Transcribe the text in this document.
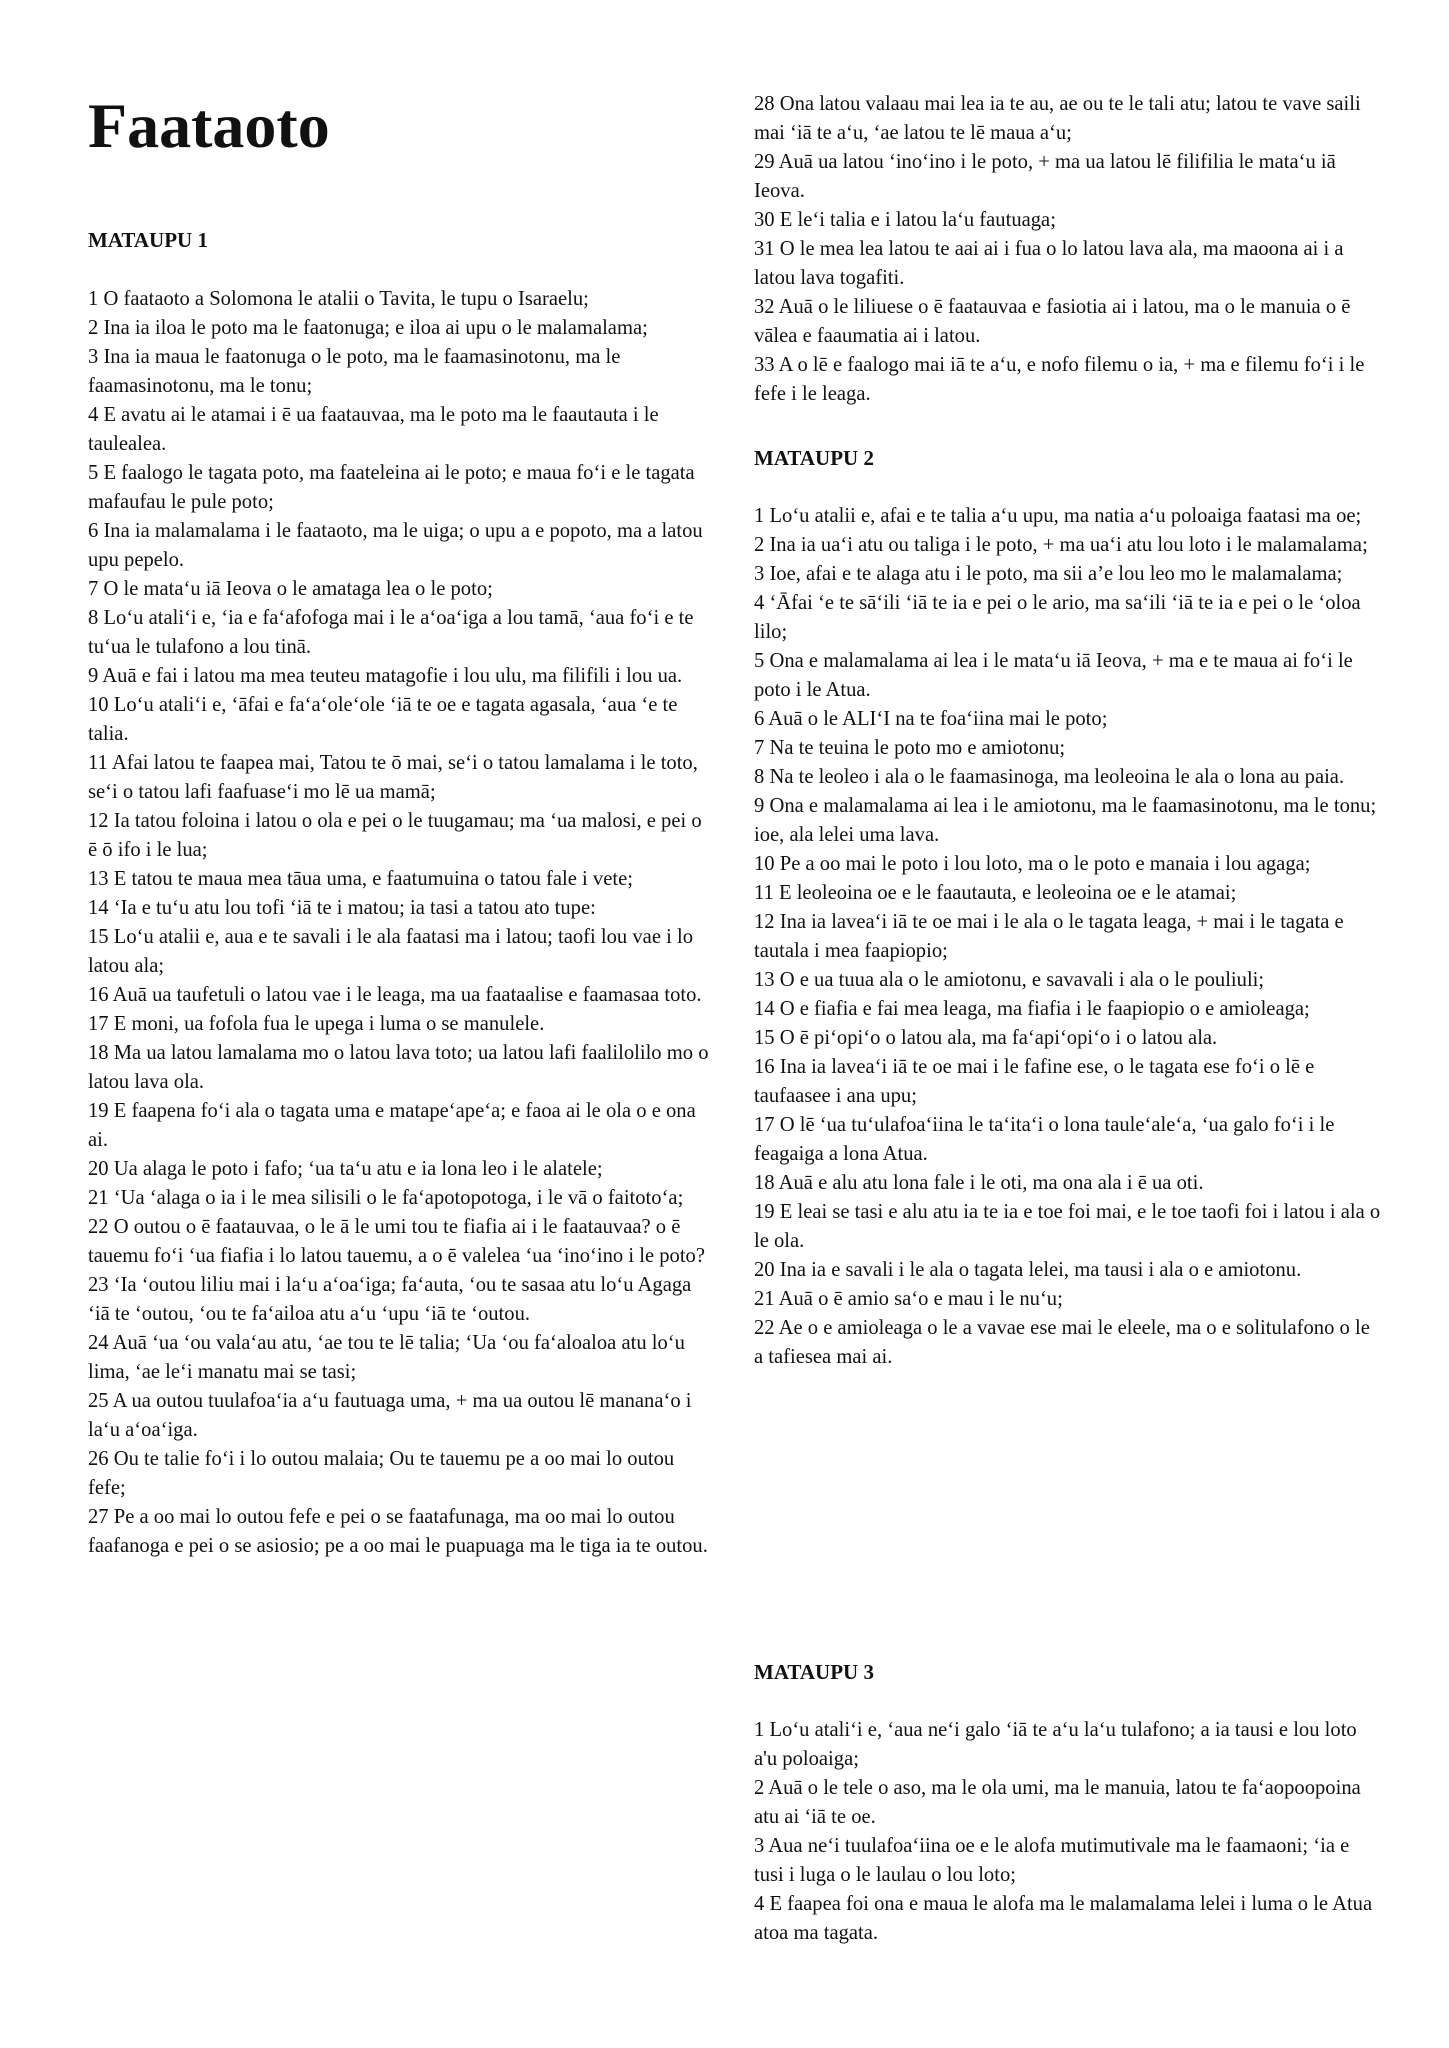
Faataoto

MATAUPU 1

1 O faataoto a Solomona le atalii o Tavita, le tupu o Isaraelu;

2 Ina ia iloa le poto ma le faatonuga; e iloa ai upu o le malamalama;

3 Ina ia maua le faatonuga o le poto, ma le faamasinotonu, ma le faamasinotonu, ma le tonu;

4 E avatu ai le atamai i ē ua faatauvaa, ma le poto ma le faautauta i le taulealea.

5 E faalogo le tagata poto, ma faateleina ai le poto; e maua fo‘i e le tagata mafaufau le pule poto;

6 Ina ia malamalama i le faataoto, ma le uiga; o upu a e popoto, ma a latou upu pepelo.

7 O le mata‘u iā Ieova o le amataga lea o le poto;

8 Lo‘u atali‘i e, ‘ia e fa‘afofoga mai i le a‘oa‘iga a lou tamā, ‘aua fo‘i e te tu‘ua le tulafono a lou tinā.

9 Auā e fai i latou ma mea teuteu matagofie i lou ulu, ma filifili i lou ua.

10 Lo‘u atali‘i e, ‘āfai e fa‘a‘ole‘ole ‘iā te oe e tagata agasala, ‘aua ‘e te talia.

11 Afai latou te faapea mai, Tatou te ō mai, se‘i o tatou lamalama i le toto, se‘i o tatou lafi faafuase‘i mo lē ua mamā;

12 Ia tatou foloina i latou o ola e pei o le tuugamau; ma ‘ua malosi, e pei o ē ō ifo i le lua;

13 E tatou te maua mea tāua uma, e faatumuina o tatou fale i vete;

14 ‘Ia e tu‘u atu lou tofi ‘iā te i matou; ia tasi a tatou ato tupe:

15 Lo‘u atalii e, aua e te savali i le ala faatasi ma i latou; taofi lou vae i lo latou ala;

16 Auā ua taufetuli o latou vae i le leaga, ma ua faataalise e faamasaa toto.

17 E moni, ua fofola fua le upega i luma o se manulele.

18 Ma ua latou lamalama mo o latou lava toto; ua latou lafi faalilolilo mo o latou lava ola.

19 E faapena fo‘i ala o tagata uma e matape‘ape‘a; e faoa ai le ola o e ona ai.

20 Ua alaga le poto i fafo; ‘ua ta‘u atu e ia lona leo i le alatele;

21 ‘Ua ‘alaga o ia i le mea silisili o le fa‘apotopotoga, i le vā o faitoto‘a;

22 O outou o ē faatauvaa, o le ā le umi tou te fiafia ai i le faatauvaa? o ē tauemu fo‘i ‘ua fiafia i lo latou tauemu, a o ē valelea ‘ua ‘ino‘ino i le poto?

23 ‘Ia ‘outou liliu mai i la‘u a‘oa‘iga; fa‘auta, ‘ou te sasaa atu lo‘u Agaga ‘iā te ‘outou, ‘ou te fa‘ailoa atu a‘u ‘upu ‘iā te ‘outou.

24 Auā ‘ua ‘ou vala‘au atu, ‘ae tou te lē talia; ‘Ua ‘ou fa‘aloaloa atu lo‘u lima, ‘ae le‘i manatu mai se tasi;

25 A ua outou tuulafoa‘ia a‘u fautuaga uma, + ma ua outou lē manana‘o i la‘u a‘oa‘iga.

26 Ou te talie fo‘i i lo outou malaia; Ou te tauemu pe a oo mai lo outou fefe;

27 Pe a oo mai lo outou fefe e pei o se faatafunaga, ma oo mai lo outou faafanoga e pei o se asiosio; pe a oo mai le puapuaga ma le tiga ia te outou.

28 Ona latou valaau mai lea ia te au, ae ou te le tali atu; latou te vave saili mai ‘iā te a‘u, ‘ae latou te lē maua a‘u;

29 Auā ua latou ‘ino‘ino i le poto, + ma ua latou lē filifilia le mata‘u iā Ieova.

30 E le‘i talia e i latou la‘u fautuaga;

31 O le mea lea latou te aai ai i fua o lo latou lava ala, ma maoona ai i a latou lava togafiti.

32 Auā o le liliuese o ē faatauvaa e fasiotia ai i latou, ma o le manuia o ē vālea e faaumatia ai i latou.

33 A o lē e faalogo mai iā te a‘u, e nofo filemu o ia, + ma e filemu fo‘i i le fefe i le leaga.

MATAUPU 2

1 Lo‘u atalii e, afai e te talia a‘u upu, ma natia a‘u poloaiga faatasi ma oe;

2 Ina ia ua‘i atu ou taliga i le poto, + ma ua‘i atu lou loto i le malamalama;

3 Ioe, afai e te alaga atu i le poto, ma sii a’e lou leo mo le malamalama;

4 ‘Āfai ‘e te sā‘ili ‘iā te ia e pei o le ario, ma sa‘ili ‘iā te ia e pei o le ‘oloa lilo;

5 Ona e malamalama ai lea i le mata‘u iā Ieova, + ma e te maua ai fo‘i le poto i le Atua.

6 Auā o le ALI‘I na te foa‘iina mai le poto;

7 Na te teuina le poto mo e amiotonu;

8 Na te leoleo i ala o le faamasinoga, ma leoleoina le ala o lona au paia.

9 Ona e malamalama ai lea i le amiotonu, ma le faamasinotonu, ma le tonu; ioe, ala lelei uma lava.

10 Pe a oo mai le poto i lou loto, ma o le poto e manaia i lou agaga;

11 E leoleoina oe e le faautauta, e leoleoina oe e le atamai;

12 Ina ia lavea‘i iā te oe mai i le ala o le tagata leaga, + mai i le tagata e tautala i mea faapiopio;

13 O e ua tuua ala o le amiotonu, e savavali i ala o le pouliuli;

14 O e fiafia e fai mea leaga, ma fiafia i le faapiopio o e amioleaga;

15 O ē pi‘opi‘o o latou ala, ma fa‘api‘opi‘o i o latou ala.

16 Ina ia lavea‘i iā te oe mai i le fafine ese, o le tagata ese fo‘i o lē e taufaasee i ana upu;

17 O lē ‘ua tu‘ulafoa‘iina le ta‘ita‘i o lona taule‘ale‘a, ‘ua galo fo‘i i le feagaiga a lona Atua.

18 Auā e alu atu lona fale i le oti, ma ona ala i ē ua oti.

19 E leai se tasi e alu atu ia te ia e toe foi mai, e le toe taofi foi i latou i ala o le ola.

20 Ina ia e savali i le ala o tagata lelei, ma tausi i ala o e amiotonu.

21 Auā o ē amio sa‘o e mau i le nu‘u;

22 Ae o e amioleaga o le a vavae ese mai le eleele, ma o e solitulafono o le a tafiesea mai ai.

MATAUPU 3

1 Lo‘u atali‘i e, ‘aua ne‘i galo ‘iā te a‘u la‘u tulafono; a ia tausi e lou loto a'u poloaiga;

2 Auā o le tele o aso, ma le ola umi, ma le manuia, latou te fa‘aopoopoina atu ai ‘iā te oe.

3 Aua ne‘i tuulafoa‘iina oe e le alofa mutimutivale ma le faamaoni; ‘ia e tusi i luga o le laulau o lou loto;

4 E faapea foi ona e maua le alofa ma le malamalama lelei i luma o le Atua atoa ma tagata.
